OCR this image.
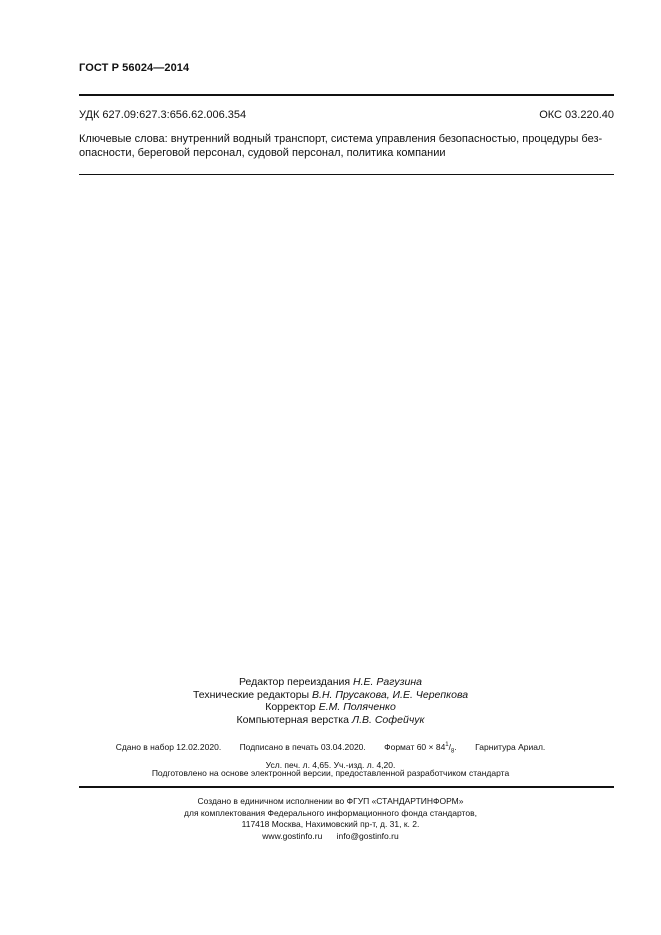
ГОСТ Р 56024—2014
УДК 627.09:627.3:656.62.006.354	ОКС 03.220.40
Ключевые слова: внутренний водный транспорт, система управления безопасностью, процедуры без-
опасности, береговой персонал, судовой персонал, политика компании
Редактор переиздания Н.Е. Рагузина
Технические редакторы В.Н. Прусакова, И.Е. Черепкова
Корректор Е.М. Поляченко
Компьютерная верстка Л.В. Софейчук
Сдано в набор 12.02.2020. Подписано в печать 03.04.2020. Формат $60 \times 84^1/_8$. Гарнитура Ариал.
Усл. печ. л. 4,65. Уч.-изд. л. 4,20.
Подготовлено на основе электронной версии, предоставленной разработчиком стандарта
Создано в единичном исполнении во ФГУП «СТАНДАРТИНФОРМ»
для комплектования Федерального информационного фонда стандартов,
117418 Москва, Нахимовский пр-т, д. 31, к. 2.
www.gostinfo.ru info@gostinfo.ru
